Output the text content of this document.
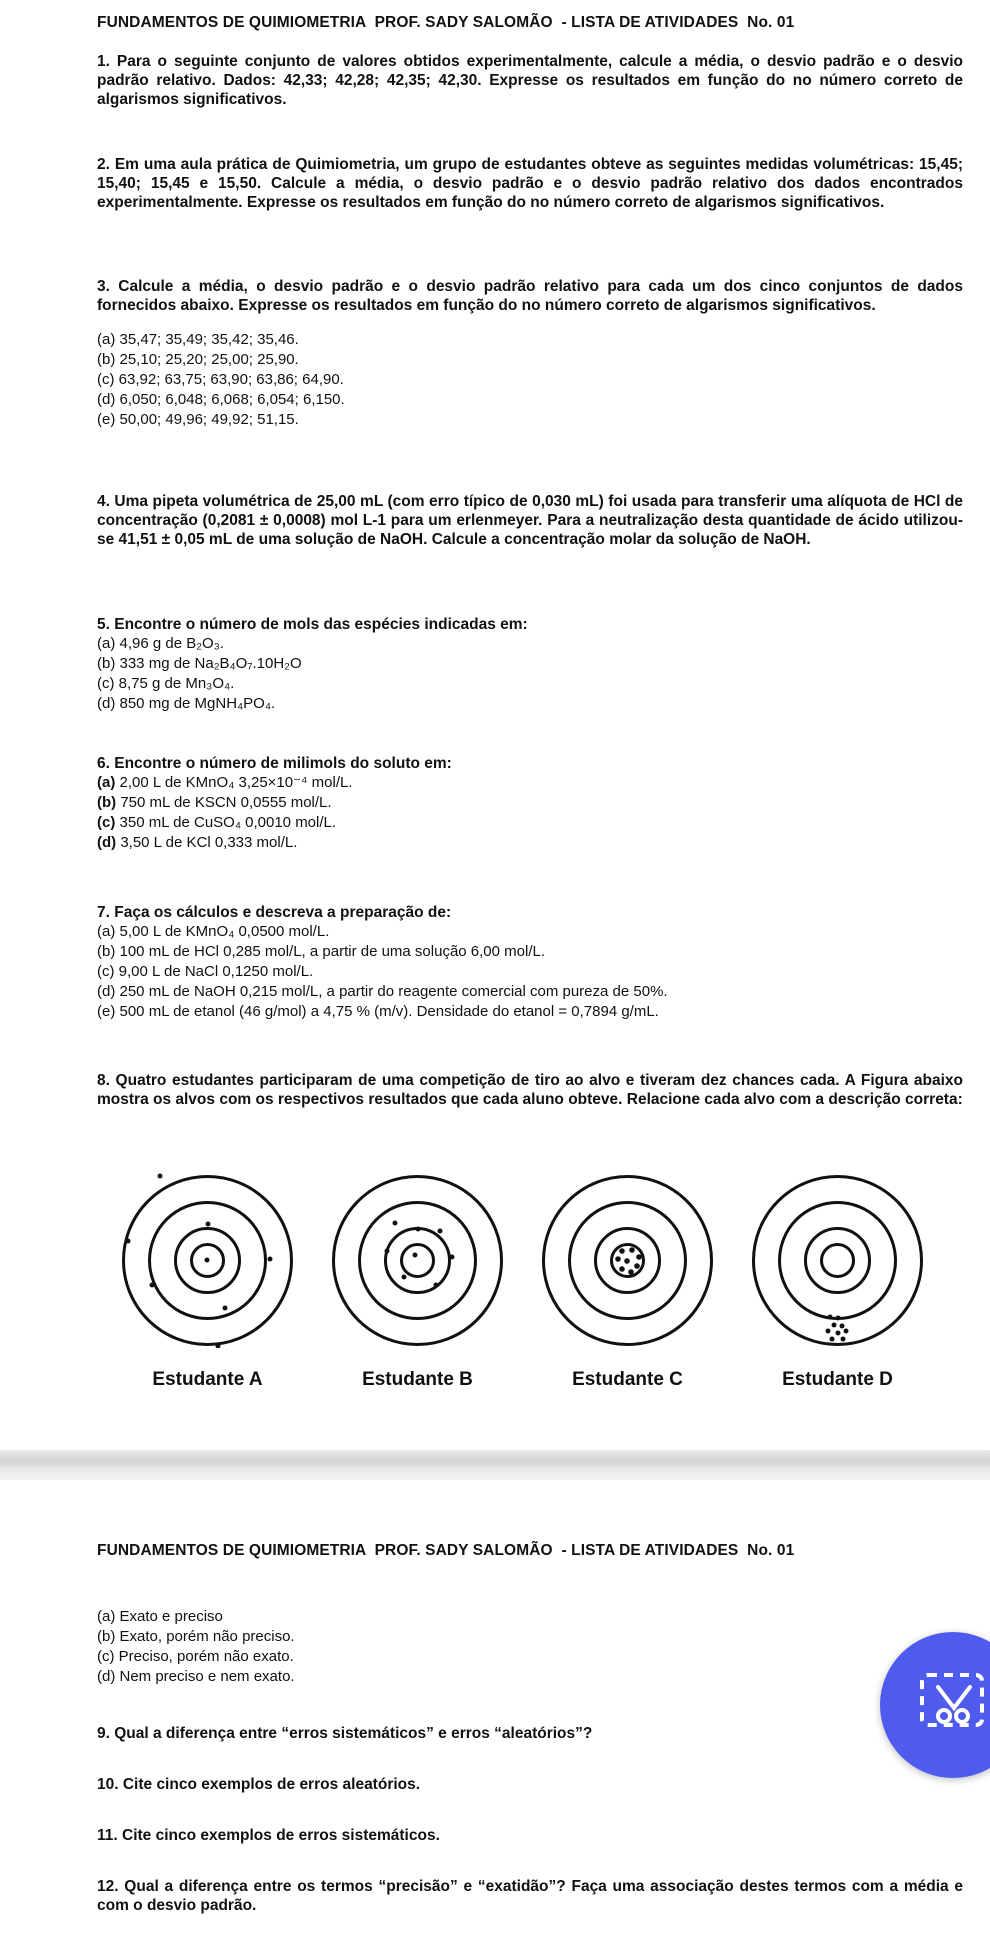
FUNDAMENTOS DE QUIMIOMETRIA  PROF. SADY SALOMÃO  - LISTA DE ATIVIDADES  No. 01

1. Para o seguinte conjunto de valores obtidos experimentalmente, calcule a média, o desvio padrão e o desvio padrão relativo. Dados: 42,33; 42,28; 42,35; 42,30. Expresse os resultados em função do no número correto de algarismos significativos.

2. Em uma aula prática de Quimiometria, um grupo de estudantes obteve as seguintes medidas volumétricas: 15,45; 15,40; 15,45 e 15,50. Calcule a média, o desvio padrão e o desvio padrão relativo dos dados encontrados experimentalmente. Expresse os resultados em função do no número correto de algarismos significativos.

3. Calcule a média, o desvio padrão e o desvio padrão relativo para cada um dos cinco conjuntos de dados fornecidos abaixo. Expresse os resultados em função do no número correto de algarismos significativos.

(a) 35,47; 35,49; 35,42; 35,46.

(b) 25,10; 25,20; 25,00; 25,90.

(c) 63,92; 63,75; 63,90; 63,86; 64,90.

(d) 6,050; 6,048; 6,068; 6,054; 6,150.

(e) 50,00; 49,96; 49,92; 51,15.

4. Uma pipeta volumétrica de 25,00 mL (com erro típico de 0,030 mL) foi usada para transferir uma alíquota de HCl de concentração (0,2081 ± 0,0008) mol L-1 para um erlenmeyer. Para a neutralização desta quantidade de ácido utilizou-se 41,51 ± 0,05 mL de uma solução de NaOH. Calcule a concentração molar da solução de NaOH.

5. Encontre o número de mols das espécies indicadas em:

(a) 4,96 g de B₂O₃.

(b) 333 mg de Na₂B₄O₇.10H₂O

(c) 8,75 g de Mn₃O₄.

(d) 850 mg de MgNH₄PO₄.

6. Encontre o número de milimols do soluto em:

(a) 2,00 L de KMnO₄ 3,25×10⁻⁴ mol/L.

(b) 750 mL de KSCN 0,0555 mol/L.

(c) 350 mL de CuSO₄ 0,0010 mol/L.

(d) 3,50 L de KCl 0,333 mol/L.

7. Faça os cálculos e descreva a preparação de:

(a) 5,00 L de KMnO₄ 0,0500 mol/L.

(b) 100 mL de HCl 0,285 mol/L, a partir de uma solução 6,00 mol/L.

(c) 9,00 L de NaCl 0,1250 mol/L.

(d) 250 mL de NaOH 0,215 mol/L, a partir do reagente comercial com pureza de 50%.

(e) 500 mL de etanol (46 g/mol) a 4,75 % (m/v). Densidade do etanol = 0,7894 g/mL.

8. Quatro estudantes participaram de uma competição de tiro ao alvo e tiveram dez chances cada. A Figura abaixo mostra os alvos com os respectivos resultados que cada aluno obteve. Relacione cada alvo com a descrição correta:

Estudante A	Estudante B	Estudante C	Estudante D
FUNDAMENTOS DE QUIMIOMETRIA  PROF. SADY SALOMÃO  - LISTA DE ATIVIDADES  No. 01

(a) Exato e preciso

(b) Exato, porém não preciso.

(c) Preciso, porém não exato.

(d) Nem preciso e nem exato.

9. Qual a diferença entre “erros sistemáticos” e erros “aleatórios”?

10. Cite cinco exemplos de erros aleatórios.

11. Cite cinco exemplos de erros sistemáticos.

12. Qual a diferença entre os termos “precisão” e “exatidão”? Faça uma associação destes termos com a média e com o desvio padrão.
